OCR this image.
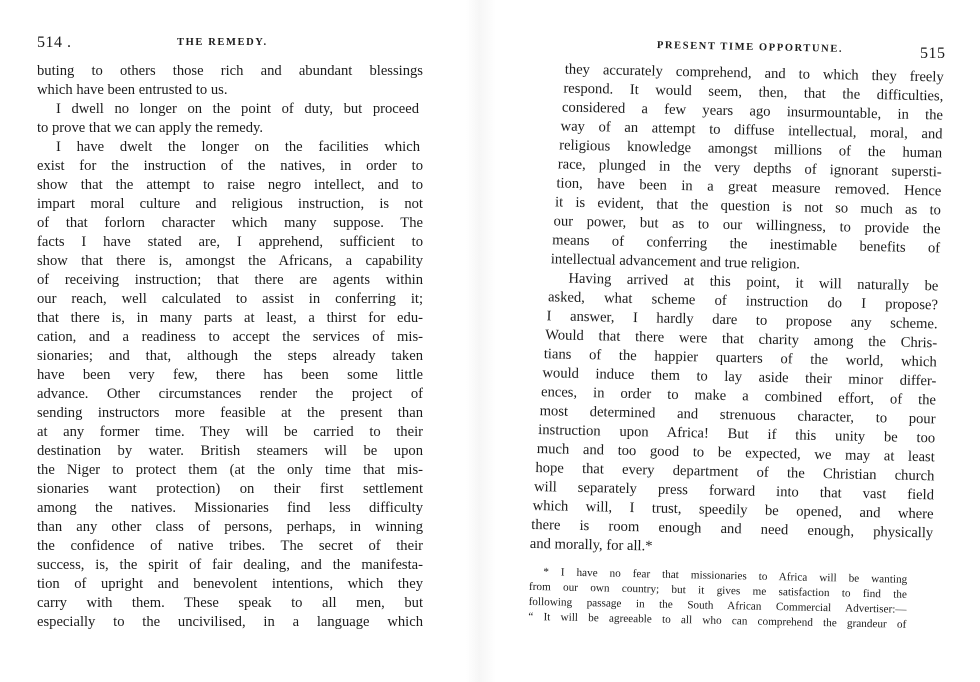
514 .	THE REMEDY.
buting to others those rich and abundant blessings
which have been entrusted to us.
I dwell no longer on the point of duty, but proceed
to prove that we can apply the remedy.
I have dwelt the longer on the facilities which
exist for the instruction of the natives, in order to
show that the attempt to raise negro intellect, and to
impart moral culture and religious instruction, is not
of that forlorn character which many suppose. The
facts I have stated are, I apprehend, sufficient to
show that there is, amongst the Africans, a capability
of receiving instruction; that there are agents within
our reach, well calculated to assist in conferring it;
that there is, in many parts at least, a thirst for edu-
cation, and a readiness to accept the services of mis-
sionaries; and that, although the steps already taken
have been very few, there has been some little
advance. Other circumstances render the project of
sending instructors more feasible at the present than
at any former time. They will be carried to their
destination by water. British steamers will be upon
the Niger to protect them (at the only time that mis-
sionaries want protection) on their first settlement
among the natives. Missionaries find less difficulty
than any other class of persons, perhaps, in winning
the confidence of native tribes. The secret of their
success, is, the spirit of fair dealing, and the manifesta-
tion of upright and benevolent intentions, which they
carry with them. These speak to all men, but
especially to the uncivilised, in a language which
PRESENT TIME OPPORTUNE.	515
they accurately comprehend, and to which they freely
respond. It would seem, then, that the difficulties,
considered a few years ago insurmountable, in the
way of an attempt to diffuse intellectual, moral, and
religious knowledge amongst millions of the human
race, plunged in the very depths of ignorant supersti-
tion, have been in a great measure removed. Hence
it is evident, that the question is not so much as to
our power, but as to our willingness, to provide the
means of conferring the inestimable benefits of
intellectual advancement and true religion.
Having arrived at this point, it will naturally be
asked, what scheme of instruction do I propose?
I answer, I hardly dare to propose any scheme.
Would that there were that charity among the Chris-
tians of the happier quarters of the world, which
would induce them to lay aside their minor differ-
ences, in order to make a combined effort, of the
most determined and strenuous character, to pour
instruction upon Africa! But if this unity be too
much and too good to be expected, we may at least
hope that every department of the Christian church
will separately press forward into that vast field
which will, I trust, speedily be opened, and where
there is room enough and need enough, physically
and morally, for all.*
* I have no fear that missionaries to Africa will be wanting
from our own country; but it gives me satisfaction to find the
following passage in the South African Commercial Advertiser:—
“ It will be agreeable to all who can comprehend the grandeur of
